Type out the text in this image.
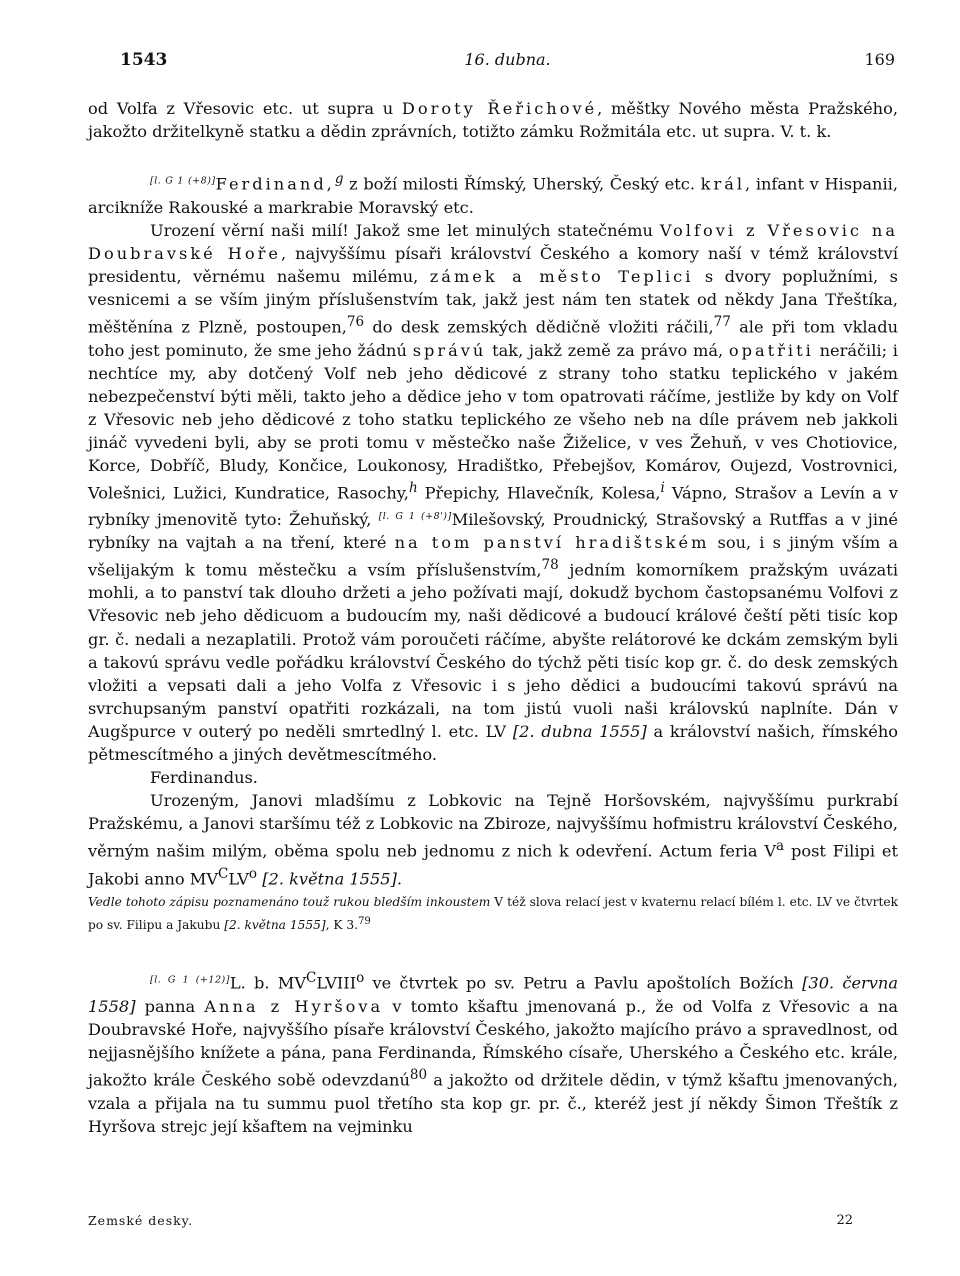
1543	16. dubna.	169

od Volfa z Vřesovic etc. ut supra u Doroty Řeřichové, měštky Nového města Pražského, jakožto držitelkyně statku a dědin zprávních, totižto zámku Rožmitála etc. ut supra. V. t. k.

[l. G 1 (+8)]Ferdinand,$^g$ z boží milosti Římský, Uherský, Český etc. král, infant v Hispanii, arcikníže Rakouské a markrabie Moravský etc.

Urození věrní naši milí! Jakož sme let minulých statečnému Volfovi z Vřesovic na Doubravské Hoře, najvyššímu písaři království Českého a komory naší v témž království presidentu, věrnému našemu milému, zámek a město Teplici s dvory poplužními, s vesnicemi a se vším jiným příslušenstvím tak, jakž jest nám ten statek od někdy Jana Třeštíka, měštěnína z Plzně, postoupen,$^{76}$ do desk zemských dědičně vložiti ráčili,$^{77}$ ale při tom vkladu toho jest pominuto, že sme jeho žádnú správú tak, jakž země za právo má, opatřiti neráčili; i nechtíce my, aby dotčený Volf neb jeho dědicové z strany toho statku teplického v jakém nebezpečenství býti měli, takto jeho a dědice jeho v tom opatrovati ráčíme, jestliže by kdy on Volf z Vřesovic neb jeho dědicové z toho statku teplického ze všeho neb na díle právem neb jakkoli jináč vyvedeni byli, aby se proti tomu v městečko naše Žiželice, v ves Žehuň, v ves Chotiovice, Korce, Dobříč, Bludy, Končice, Loukonosy, Hradištko, Přebejšov, Komárov, Oujezd, Vostrovnici, Volešnici, Lužici, Kundratice, Rasochy,$^h$ Přepichy, Hlavečník, Kolesa,$^i$ Vápno, Strašov a Levín a v rybníky jmenovitě tyto: Žehuňský, [l. G 1 (+8')]Milešovský, Proudnický, Strašovský a Rutffas a v jiné rybníky na vajtah a na tření, které na tom panství hradištském sou, i s jiným vším a všelijakým k tomu městečku a vsím příslušenstvím,$^{78}$ jedním komorníkem pražským uvázati mohli, a to panství tak dlouho držeti a jeho požívati mají, dokudž bychom častopsanému Volfovi z Vřesovic neb jeho dědicuom a budoucím my, naši dědicové a budoucí králové čeští pěti tisíc kop gr. č. nedali a nezaplatili. Protož vám poroučeti ráčíme, abyšte relátorové ke dckám zemským byli a takovú správu vedle pořádku království Českého do týchž pěti tisíc kop gr. č. do desk zemských vložiti a vepsati dali a jeho Volfa z Vřesovic i s jeho dědici a budoucími takovú správú na svrchupsaným panství opatřiti rozkázali, na tom jistú vuoli naši královskú naplníte. Dán v Augšpurce v outerý po neděli smrtedlný l. etc. LV [2. dubna 1555] a království našich, římského pětmescítmého a jiných devětmescítmého.

Ferdinandus.

Urozeným, Janovi mladšímu z Lobkovic na Tejně Horšovském, najvyššímu purkrabí Pražskému, a Janovi staršímu též z Lobkovic na Zbiroze, najvyššímu hofmistru království Českého, věrným našim milým, oběma spolu neb jednomu z nich k odevření. Actum feria $V^a$ post Filipi et Jakobi anno $MV^CLV^o$ [2. května 1555].

Vedle tohoto zápisu poznamenáno touž rukou bledším inkoustem V též slova relací jest v kvaternu relací bílém l. etc. LV ve čtvrtek po sv. Filipu a Jakubu [2. května 1555], K 3.79

[l. G 1 (+12)]L. b. $MV^CLVIII^o$ ve čtvrtek po sv. Petru a Pavlu apoštolích Božích [30. června 1558] panna Anna z Hyršova v tomto kšaftu jmenovaná p., že od Volfa z Vřesovic a na Doubravské Hoře, najvyššího písaře království Českého, jakožto majícího právo a spravedlnost, od nejjasnějšího knížete a pána, pana Ferdinanda, Římského císaře, Uherského a Českého etc. krále, jakožto krále Českého sobě odevzdanú$^{80}$ a jakožto od držitele dědin, v týmž kšaftu jmenovaných, vzala a přijala na tu summu puol třetího sta kop gr. pr. č., kteréž jest jí někdy Šimon Třeštík z Hyršova strejc její kšaftem na vejminku

Zemské desky.	22
